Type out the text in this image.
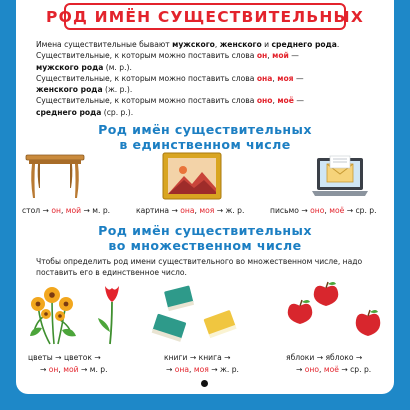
РОД ИМЁН СУЩЕСТВИТЕЛЬНЫХ

Имена существительные бывают мужского, женского и среднего рода.

Существительные, к которым можно поставить слова он, мой —
мужского рода (м. р.).

Существительные, к которым можно поставить слова она, моя —
женского рода (ж. р.).

Существительные, к которым можно поставить слова оно, моё —
среднего рода (ср. р.).

Род имён существительных
в единственном числе
стол → он, мой → м. р.	картина → она, моя → ж. р.	письмо → оно, моё → ср. р.
Род имён существительных
во множественном числе
Чтобы определить род имени существительного во множественном числе, надо поставить его в единственное число.
цветы → цветок →
→ он, мой → м. р.
книги → книга →
→ она, моя → ж. р.
яблоки → яблоко →
→ оно, моё → ср. р.
